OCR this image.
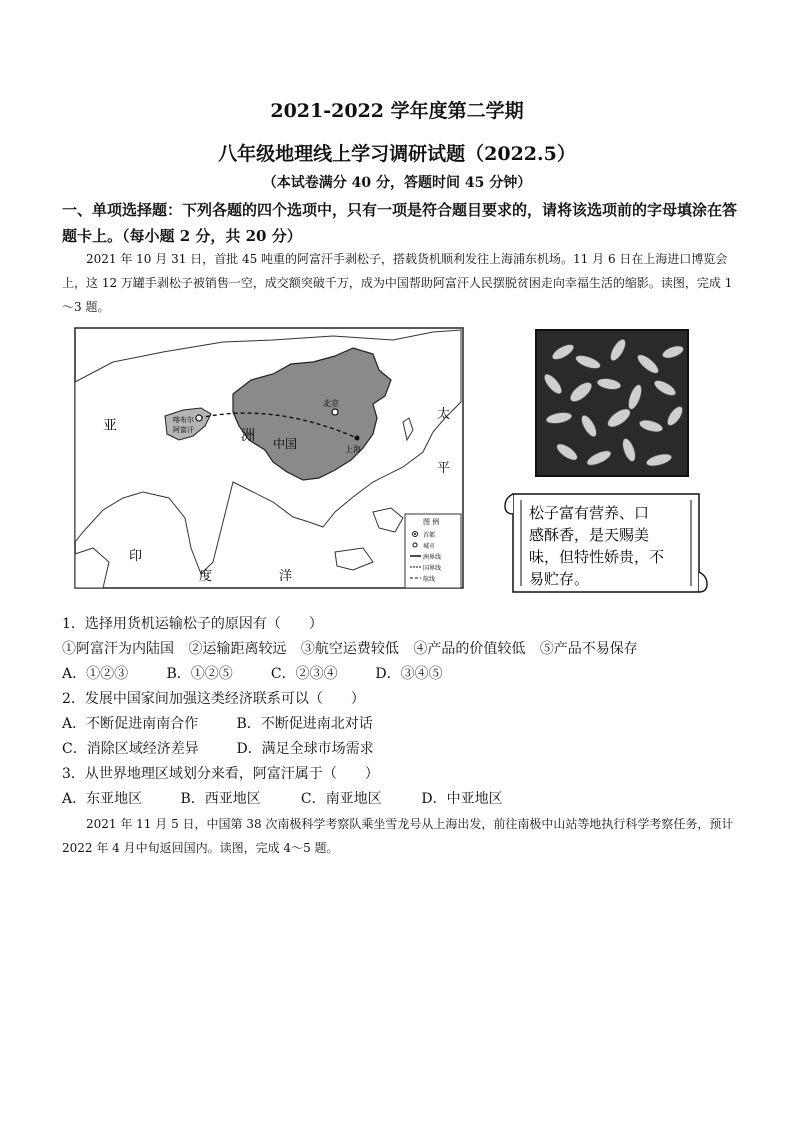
2021-2022 学年度第二学期
八年级地理线上学习调研试题（2022.5）
（本试卷满分 40 分，答题时间 45 分钟）
一、单项选择题：下列各题的四个选项中，只有一项是符合题目要求的，请将该选项前的字母填涂在答题卡上。（每小题 2 分，共 20 分）
2021 年 10 月 31 日，首批 45 吨重的阿富汗手剥松子，搭载货机顺利发往上海浦东机场。11 月 6 日在上海进口博览会上，这 12 万罐手剥松子被销售一空，成交额突破千万，成为中国帮助阿富汗人民摆脱贫困走向幸福生活的缩影。读图，完成 1～3 题。
亚
洲 中国
北京
上海
喀布尔
阿富汗
太
平
印
度	洋
图 例
首都
城市
洲界线
国界线
航线
松子富有营养、口
感酥香，是天赐美
味，但特性娇贵，不
易贮存。
1．选择用货机运输松子的原因有（　　）
①阿富汗为内陆国 ②运输距离较远 ③航空运费较低 ④产品的价值较低 ⑤产品不易保存
A．①②③	B．①②⑤	C．②③④	D．③④⑤
2．发展中国家间加强这类经济联系可以（　　）
A．不断促进南南合作	B．不断促进南北对话
C．消除区域经济差异	D．满足全球市场需求
3．从世界地理区域划分来看，阿富汗属于（　　）
A．东亚地区	B．西亚地区	C．南亚地区	D．中亚地区
2021 年 11 月 5 日，中国第 38 次南极科学考察队乘坐雪龙号从上海出发，前往南极中山站等地执行科学考察任务，预计 2022 年 4 月中旬返回国内。读图，完成 4～5 题。
